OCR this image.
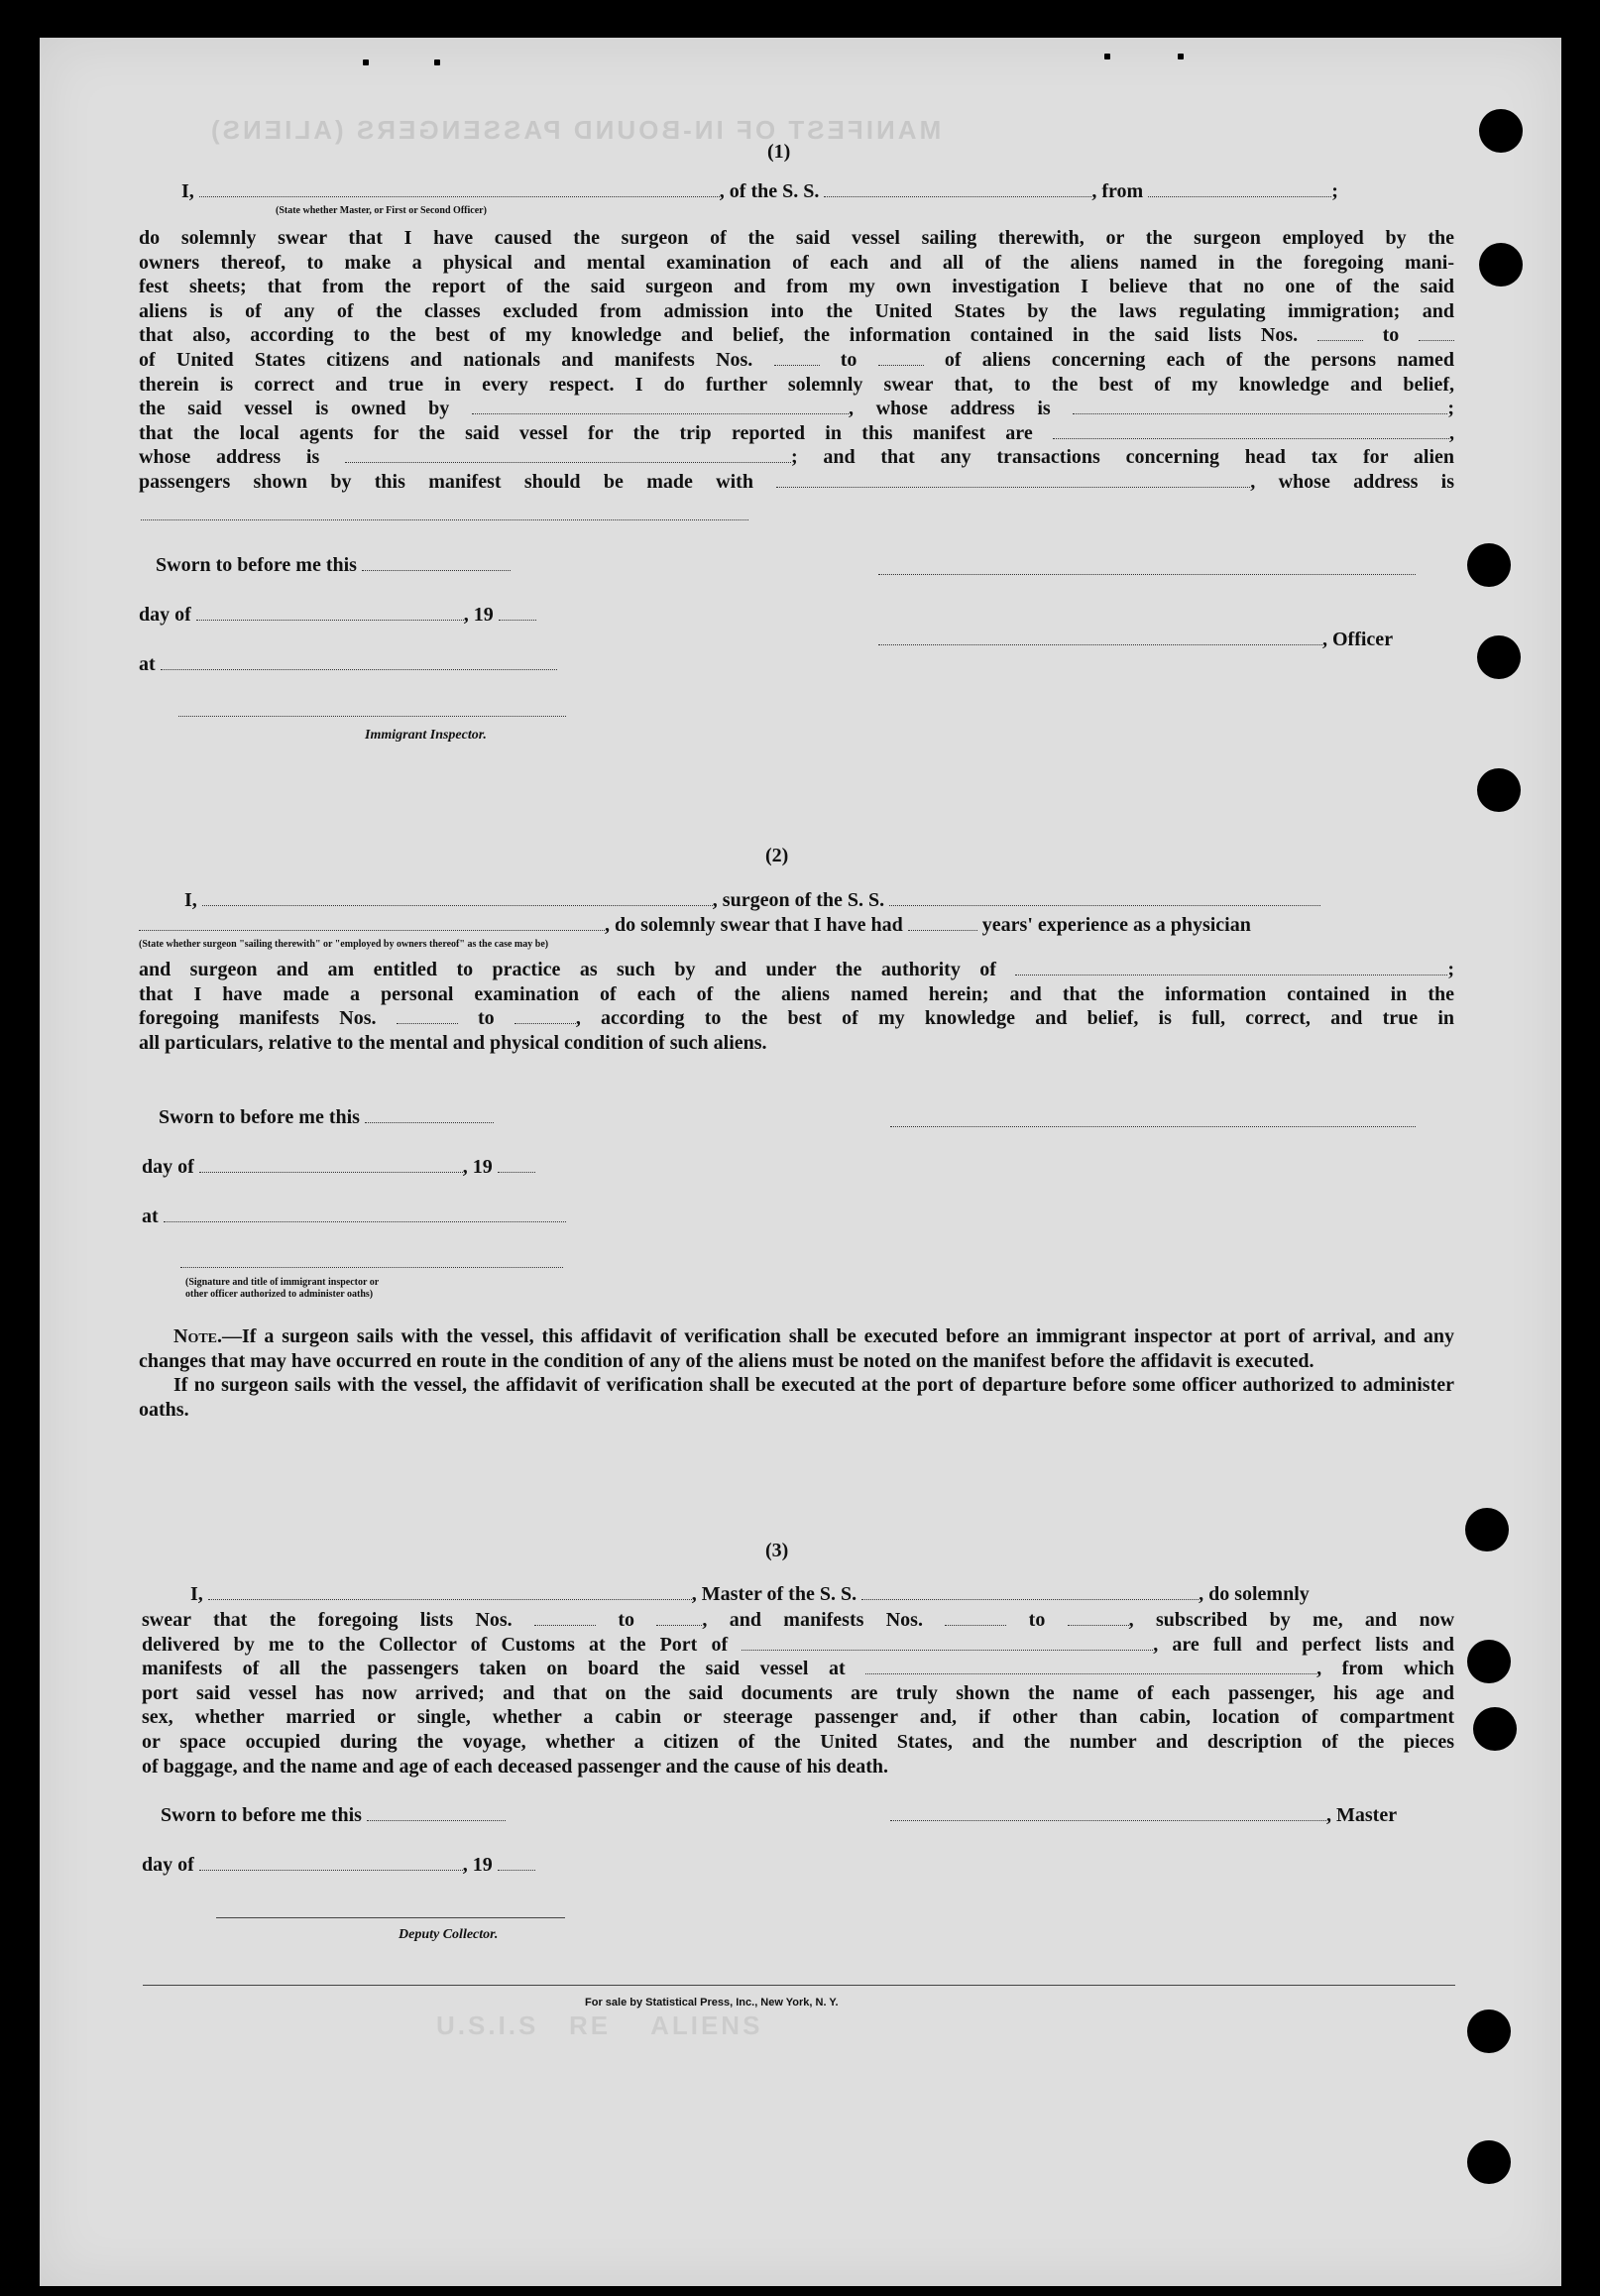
MANIFEST OF IN-BOUND PASSENGERS (ALIENS)
U.S.I.S   RE    ALIENS
(1)
I,	, of the S. S.	, from	;
(State whether Master, or First or Second Officer)
do solemnly swear that I have caused the surgeon of the said vessel sailing therewith, or the surgeon employed by the
owners thereof, to make a physical and mental examination of each and all of the aliens named in the foregoing mani-
fest sheets; that from the report of the said surgeon and from my own investigation I believe that no one of the said
aliens is of any of the classes excluded from admission into the United States by the laws regulating immigration; and
that also, according to the best of my knowledge and belief, the information contained in the said lists Nos.	to
of United States citizens and nationals and manifests Nos.	to	of aliens concerning each of the persons named
therein is correct and true in every respect. I do further solemnly swear that, to the best of my knowledge and belief,
the said vessel is owned by	, whose address is	;
that the local agents for the said vessel for the trip reported in this manifest are	,
whose address is	; and that any transactions concerning head tax for alien
passengers shown by this manifest should be made with	, whose address is
Sworn to before me this
day of	, 19
, Officer
at
Immigrant Inspector.
(2)
I,	, surgeon of the S. S.
, do solemnly swear that I have had	years' experience as a physician
(State whether surgeon "sailing therewith" or "employed by owners thereof" as the case may be)
and surgeon and am entitled to practice as such by and under the authority of	;
that I have made a personal examination of each of the aliens named herein; and that the information contained in the
foregoing manifests Nos.	to	, according to the best of my knowledge and belief, is full, correct, and true in
all particulars, relative to the mental and physical condition of such aliens.
Sworn to before me this
day of	, 19
at
(Signature and title of immigrant inspector or
other officer authorized to administer oaths)
Note.—If a surgeon sails with the vessel, this affidavit of verification shall be executed before an immigrant inspector at port of arrival, and any changes that may have occurred en route in the condition of any of the aliens must be noted on the manifest before the affidavit is executed.
If no surgeon sails with the vessel, the affidavit of verification shall be executed at the port of departure before some officer authorized to administer oaths.
(3)
I,	, Master of the S. S.	, do solemnly
swear that the foregoing lists Nos.	to	, and manifests Nos.	to	, subscribed by me, and now
delivered by me to the Collector of Customs at the Port of	, are full and perfect lists and
manifests of all the passengers taken on board the said vessel at	, from which
port said vessel has now arrived; and that on the said documents are truly shown the name of each passenger, his age and
sex, whether married or single, whether a cabin or steerage passenger and, if other than cabin, location of compartment
or space occupied during the voyage, whether a citizen of the United States, and the number and description of the pieces
of baggage, and the name and age of each deceased passenger and the cause of his death.
Sworn to before me this	, Master
day of	, 19
Deputy Collector.
For sale by Statistical Press, Inc., New York, N. Y.
